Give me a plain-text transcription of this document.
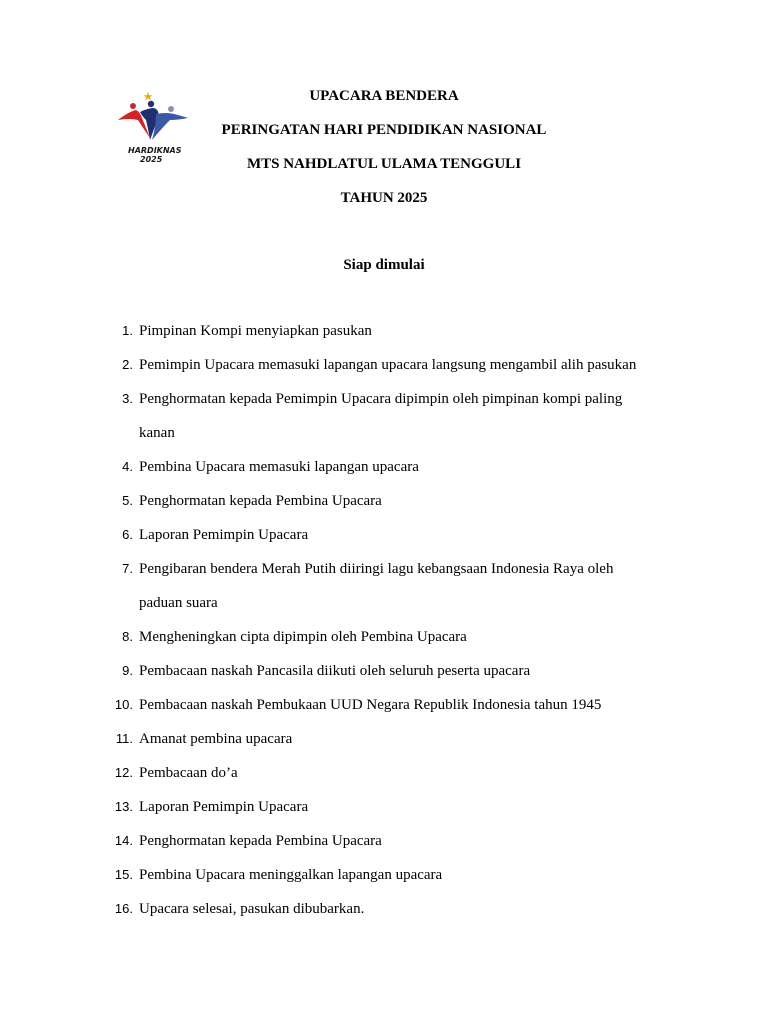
HARDIKNAS
2025
UPACARA BENDERA
PERINGATAN HARI PENDIDIKAN NASIONAL
MTS NAHDLATUL ULAMA TENGGULI
TAHUN 2025
Siap dimulai
1. Pimpinan Kompi menyiapkan pasukan
2. Pemimpin Upacara memasuki lapangan upacara langsung mengambil alih pasukan
3. Penghormatan kepada Pemimpin Upacara dipimpin oleh pimpinan kompi paling
kanan
4. Pembina Upacara memasuki lapangan upacara
5. Penghormatan kepada Pembina Upacara
6. Laporan Pemimpin Upacara
7. Pengibaran bendera Merah Putih diiringi lagu kebangsaan Indonesia Raya oleh
paduan suara
8. Mengheningkan cipta dipimpin oleh Pembina Upacara
9. Pembacaan naskah Pancasila diikuti oleh seluruh peserta upacara
10. Pembacaan naskah Pembukaan UUD Negara Republik Indonesia tahun 1945
11. Amanat pembina upacara
12. Pembacaan do’a
13. Laporan Pemimpin Upacara
14. Penghormatan kepada Pembina Upacara
15. Pembina Upacara meninggalkan lapangan upacara
16. Upacara selesai, pasukan dibubarkan.
